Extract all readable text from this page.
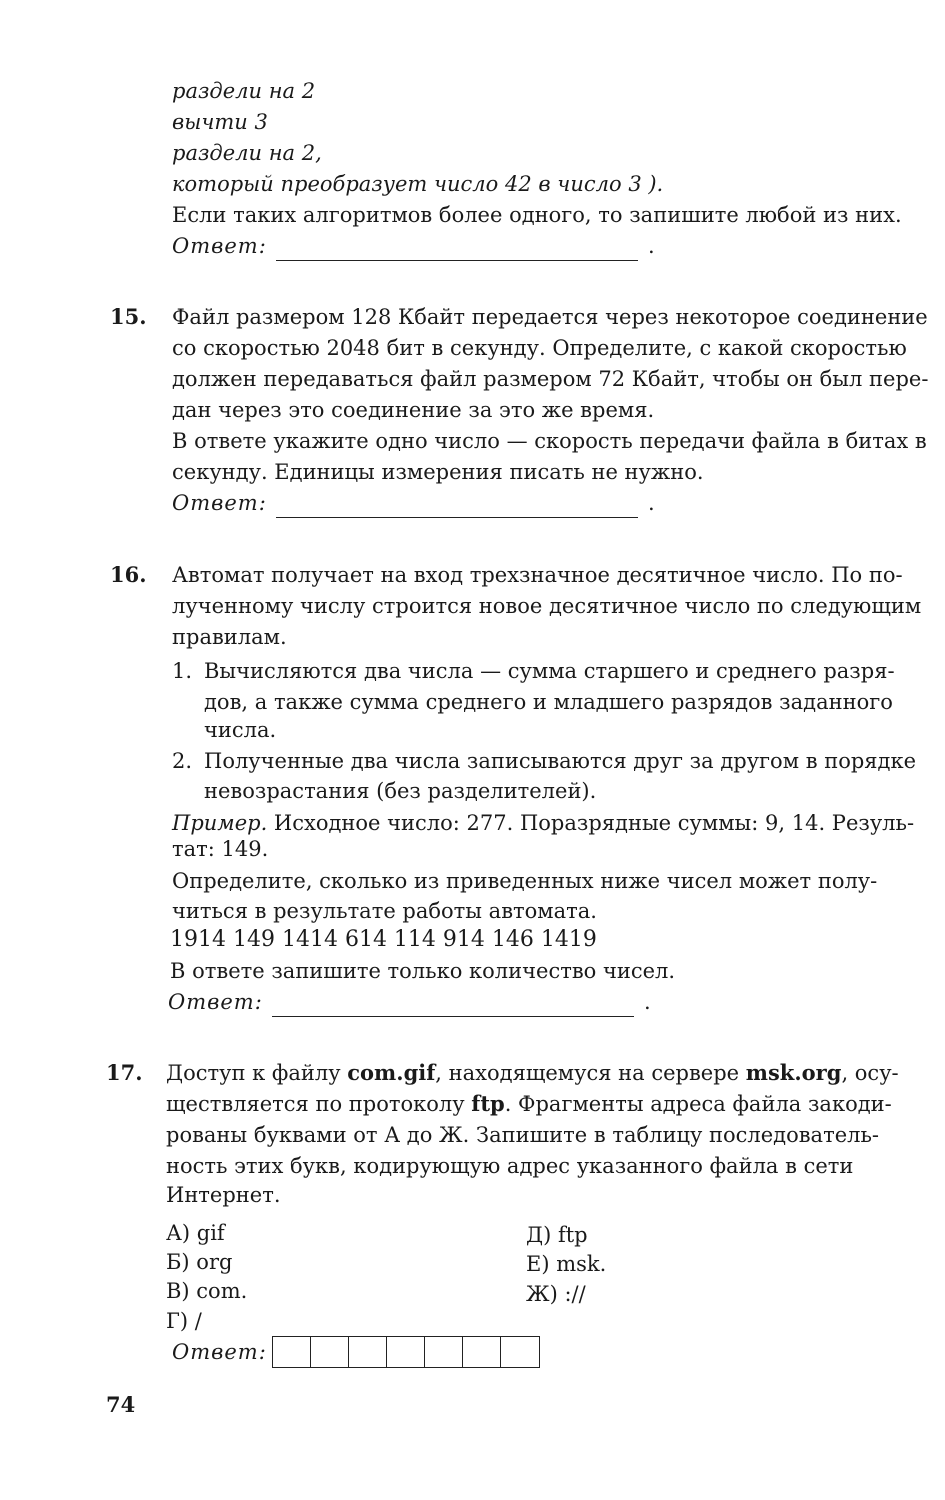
раздели на 2
вычти 3
раздели на 2,
который преобразует число 42 в число 3 ).
Если таких алгоритмов более одного, то запишите любой из них.
Ответ:	.
15. Файл размером 128 Кбайт передается через некоторое соединение
со скоростью 2048 бит в секунду. Определите, с какой скоростью
должен передаваться файл размером 72 Кбайт, чтобы он был пере-
дан через это соединение за это же время.
В ответе укажите одно число — скорость передачи файла в битах в
секунду. Единицы измерения писать не нужно.
Ответ:	.
16. Автомат получает на вход трехзначное десятичное число. По по-
лученному числу строится новое десятичное число по следующим
правилам.
1. Вычисляются два числа — сумма старшего и среднего разря-
дов, а также сумма среднего и младшего разрядов заданного
числа.
2. Полученные два числа записываются друг за другом в порядке
невозрастания (без разделителей).
Пример. Исходное число: 277. Поразрядные суммы: 9, 14. Резуль-
тат: 149.
Определите, сколько из приведенных ниже чисел может полу-
читься в результате работы автомата.
1914 149 1414 614 114 914 146 1419
В ответе запишите только количество чисел.
Ответ:	.
17. Доступ к файлу com.gif, находящемуся на сервере msk.org, осу-
ществляется по протоколу ftp. Фрагменты адреса файла закоди-
рованы буквами от А до Ж. Запишите в таблицу последователь-
ность этих букв, кодирующую адрес указанного файла в сети
Интернет.
А) gif
Б) org
В) com.
Г) /
Д) ftp
Е) msk.
Ж) ://
Ответ:
74
